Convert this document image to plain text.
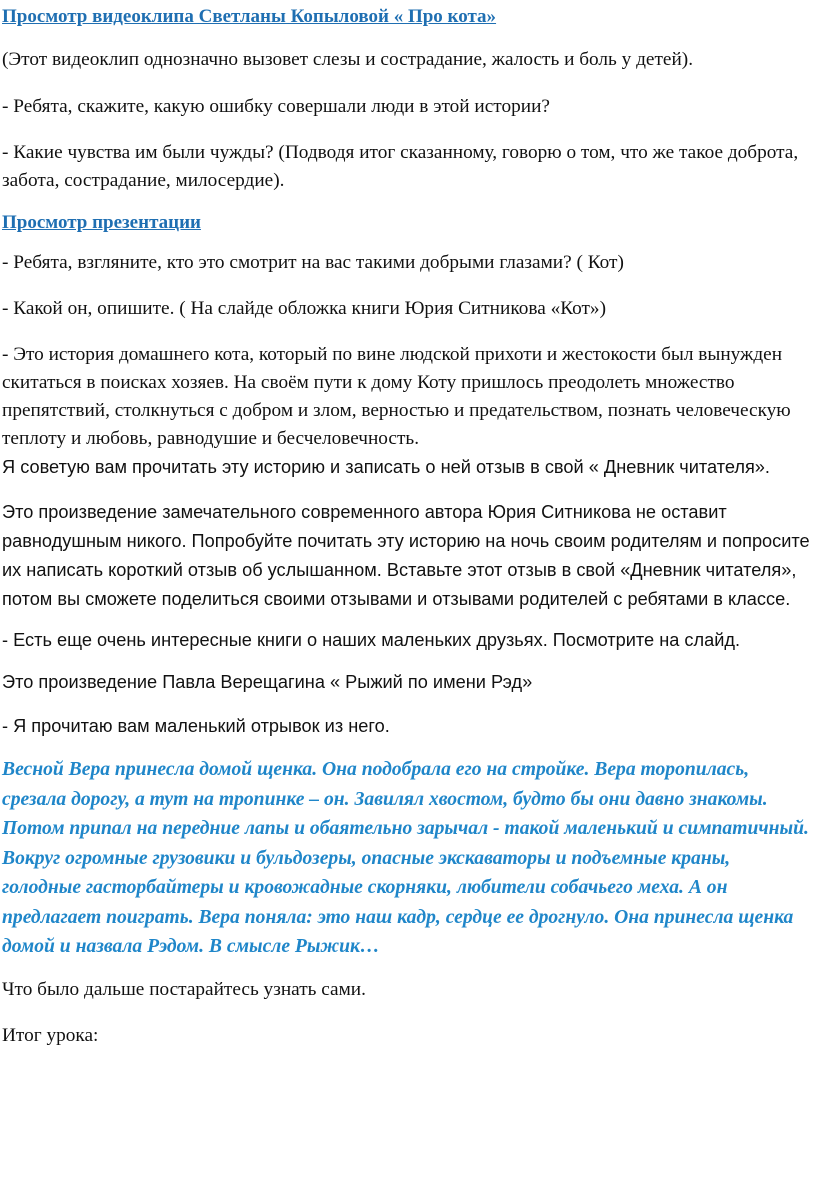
Просмотр видеоклипа Светланы Копыловой « Про кота»

(Этот видеоклип однозначно вызовет слезы и сострадание, жалость и боль у детей).

- Ребята, скажите, какую ошибку совершали люди в этой истории?

- Какие чувства им были чужды? (Подводя итог сказанному, говорю о том, что же такое доброта, забота, сострадание, милосердие).

Просмотр презентации

- Ребята, взгляните, кто это смотрит на вас такими добрыми глазами? ( Кот)

- Какой он, опишите. ( На слайде обложка книги Юрия Ситникова «Кот»)

- Это история домашнего кота, который по вине людской прихоти и жестокости был вынужден скитаться в поисках хозяев. На своём пути к дому Коту пришлось преодолеть множество препятствий, столкнуться с добром и злом, верностью и предательством, познать человеческую теплоту и любовь, равнодушие и бесчеловечность.

Я советую вам прочитать эту историю и записать о ней отзыв в свой « Дневник читателя».

Это произведение замечательного современного автора Юрия Ситникова не оставит равнодушным никого. Попробуйте почитать эту историю на ночь своим родителям и попросите их написать короткий отзыв об услышанном. Вставьте этот отзыв в свой «Дневник читателя», потом вы сможете поделиться своими отзывами и отзывами родителей с ребятами в классе.

- Есть еще очень интересные книги о наших маленьких друзьях. Посмотрите на слайд.

Это произведение Павла Верещагина « Рыжий по имени Рэд»

- Я прочитаю вам маленький отрывок из него.

Весной Вера принесла домой щенка. Она подобрала его на стройке. Вера торопилась, срезала дорогу, а тут на тропинке – он. Завилял хвостом, будто бы они давно знакомы. Потом припал на передние лапы и обаятельно зарычал - такой маленький и симпатичный. Вокруг огромные грузовики и бульдозеры, опасные экскаваторы и подъемные краны, голодные гасторбайтеры и кровожадные скорняки, любители собачьего меха. А он предлагает поиграть. Вера поняла: это наш кадр, сердце ее дрогнуло. Она принесла щенка домой и назвала Рэдом. В смысле Рыжик…

Что было дальше постарайтесь узнать сами.

Итог урока:
